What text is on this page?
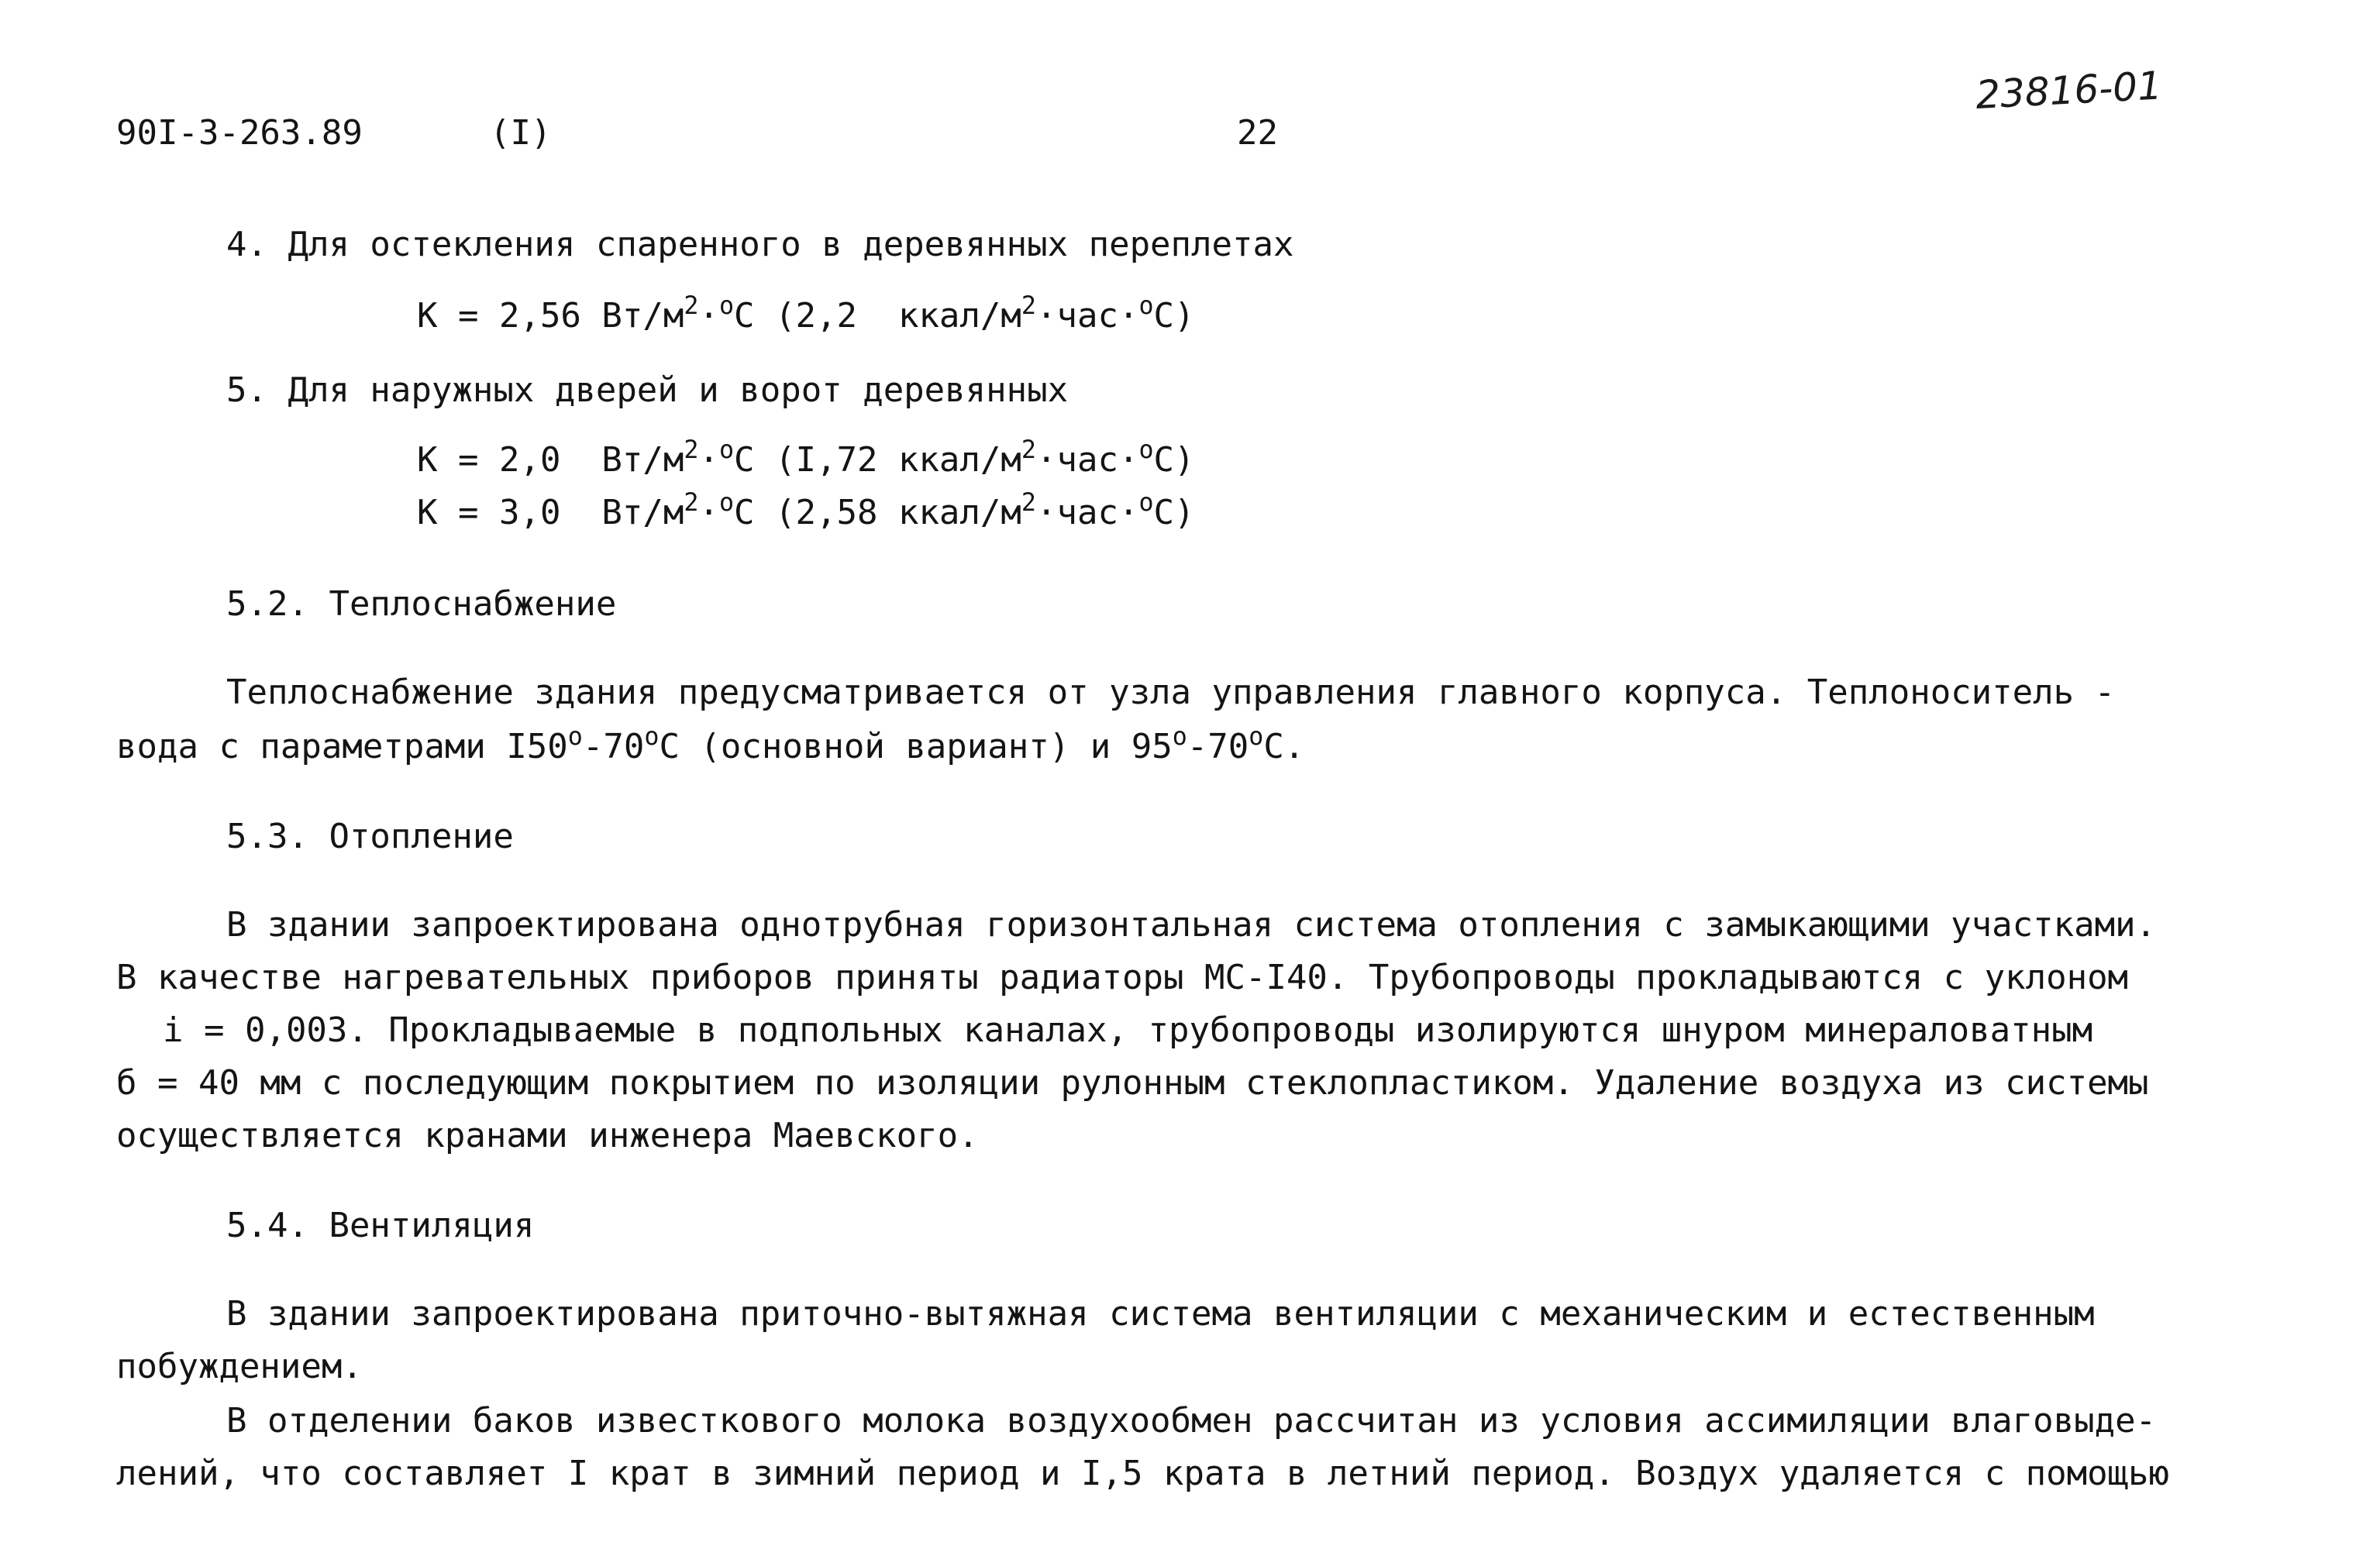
90I-3-263.89	(I)	22
23816-01
4. Для остекления спаренного в деревянных переплетах
К = 2,56 $Вт/м^2\cdot^оС$ (2,2  ккал/$м^2\cdot час\cdot^оС$)
5. Для наружных дверей и ворот деревянных
К = 2,0  $Вт/м^2\cdot^оС$ (I,72 ккал/$м^2\cdot час\cdot^оС$)
К = 3,0  $Вт/м^2\cdot^оС$ (2,58 ккал/$м^2\cdot час\cdot^оС$)
5.2. Теплоснабжение
Теплоснабжение здания предусматривается от узла управления главного корпуса. Теплоноситель -
вода с параметрами $I50^о-70^оС$ (основной вариант) и $95^о-70^оС$.
5.3. Отопление
В здании запроектирована однотрубная горизонтальная система отопления с замыкающими участками.
В качестве нагревательных приборов приняты радиаторы МС-I40. Трубопроводы прокладываются с уклоном
i = 0,003. Прокладываемые в подпольных каналах, трубопроводы изолируются шнуром минераловатным
б = 40 мм с последующим покрытием по изоляции рулонным стеклопластиком. Удаление воздуха из системы
осуществляется кранами инженера Маевского.
5.4. Вентиляция
В здании запроектирована приточно-вытяжная система вентиляции с механическим и естественным
побуждением.
В отделении баков известкового молока воздухообмен рассчитан из условия ассимиляции влаговыде-
лений, что составляет I крат в зимний период и I,5 крата в летний период. Воздух удаляется с помощью
